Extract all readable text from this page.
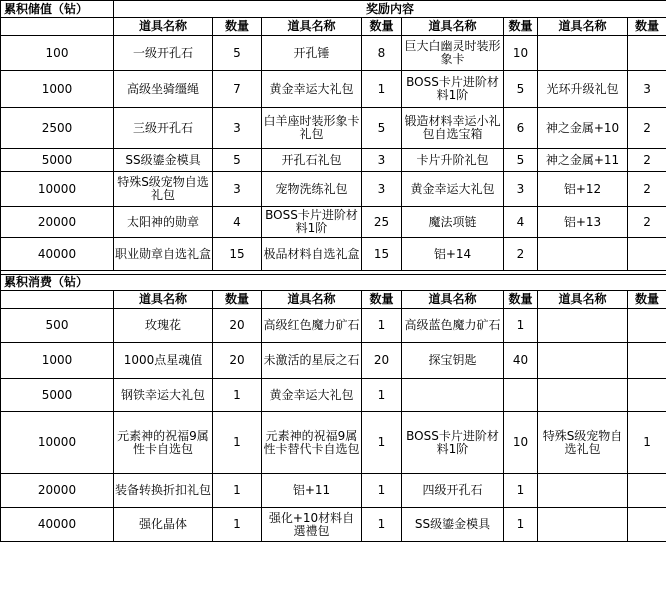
累积储值（钻）	奖励内容							
	道具名称	数量	道具名称	数量	道具名称	数量	道具名称	数量
100	一级开孔石	5	开孔锤	8	巨大白幽灵时装形象卡	10		
1000	高级坐骑缰绳	7	黄金幸运大礼包	1	BOSS卡片进阶材料1阶	5	光环升级礼包	3
2500	三级开孔石	3	白羊座时装形象卡礼包	5	锻造材料幸运小礼包自选宝箱	6	神之金属+10	2
5000	SS级鎏金模具	5	开孔石礼包	3	卡片升阶礼包	5	神之金属+11	2
10000	特殊S级宠物自选礼包	3	宠物洗练礼包	3	黄金幸运大礼包	3	铝+12	2
20000	太阳神的勋章	4	BOSS卡片进阶材料1阶	25	魔法项链	4	铝+13	2
40000	职业勋章自选礼盒	15	极品材料自选礼盒	15	铝+14	2		

累积消费（钻）								
	道具名称	数量	道具名称	数量	道具名称	数量	道具名称	数量
500	玫瑰花	20	高级红色魔力矿石	1	高级蓝色魔力矿石	1		
1000	1000点星魂值	20	未激活的星辰之石	20	探宝钥匙	40		
5000	钢铁幸运大礼包	1	黄金幸运大礼包	1				
10000	元素神的祝福9属性卡自选包	1	元素神的祝福9属性卡替代卡自选包	1	BOSS卡片进阶材料1阶	10	特殊S级宠物自选礼包	1
20000	装备转换折扣礼包	1	铝+11	1	四级开孔石	1		
40000	强化晶体	1	强化+10材料自選禮包	1	SS级鎏金模具	1		
